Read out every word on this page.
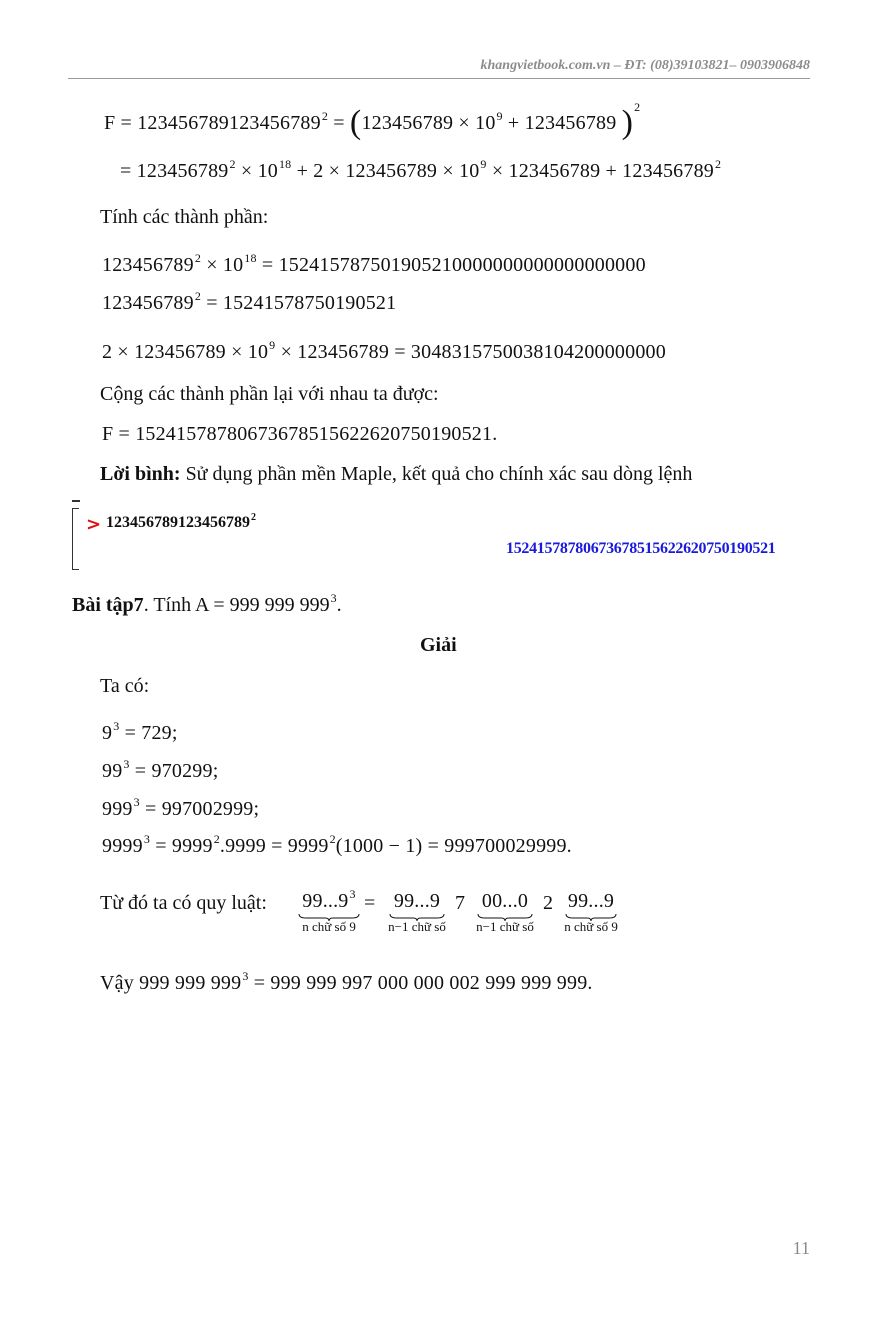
khangvietbook.com.vn – ĐT: (08)39103821– 0903906848
$F = 123456789123456789^2 = (123456789 \times 10^9 + 123456789$ )$^2$
= $123456789^2 \times 10^{18} + 2 \times 123456789 \times 10^9 \times 123456789 + 123456789^2$
Tính các thành phần:
$123456789^2 \times 10^{18} = 152415787501905210000000000000000000$
$123456789^2 = 15241578750190521$
$2 \times 123456789 \times 10^9 \times 123456789 = 3048315750038104200000000$
Cộng các thành phần lại với nhau ta được:
F = 15241578780673678515622620750190521.
Lời bình: Sử dụng phần mền Maple, kết quả cho chính xác sau dòng lệnh
> $123456789123456789^2$
15241578780673678515622620750190521
Bài tập7. Tính A = 999 999 $999^3$.
Giải
Ta có:
$9^3 = 729$;
$99^3 = 970299$;
$999^3 = 997002999$;
$9999^3 = 9999^2.9999 = 9999^2(1000 - 1) = 999700029999$.
Từ đó ta có quy luật:	99...9$^3$
n chữ số 9
= 99...9
n−1 chữ số
7 00...0
n−1 chữ số
2 99...9
n chữ số 9
Vậy 999 999 $999^3 = 999$ 999 997 000 000 002 999 999 999.
11
